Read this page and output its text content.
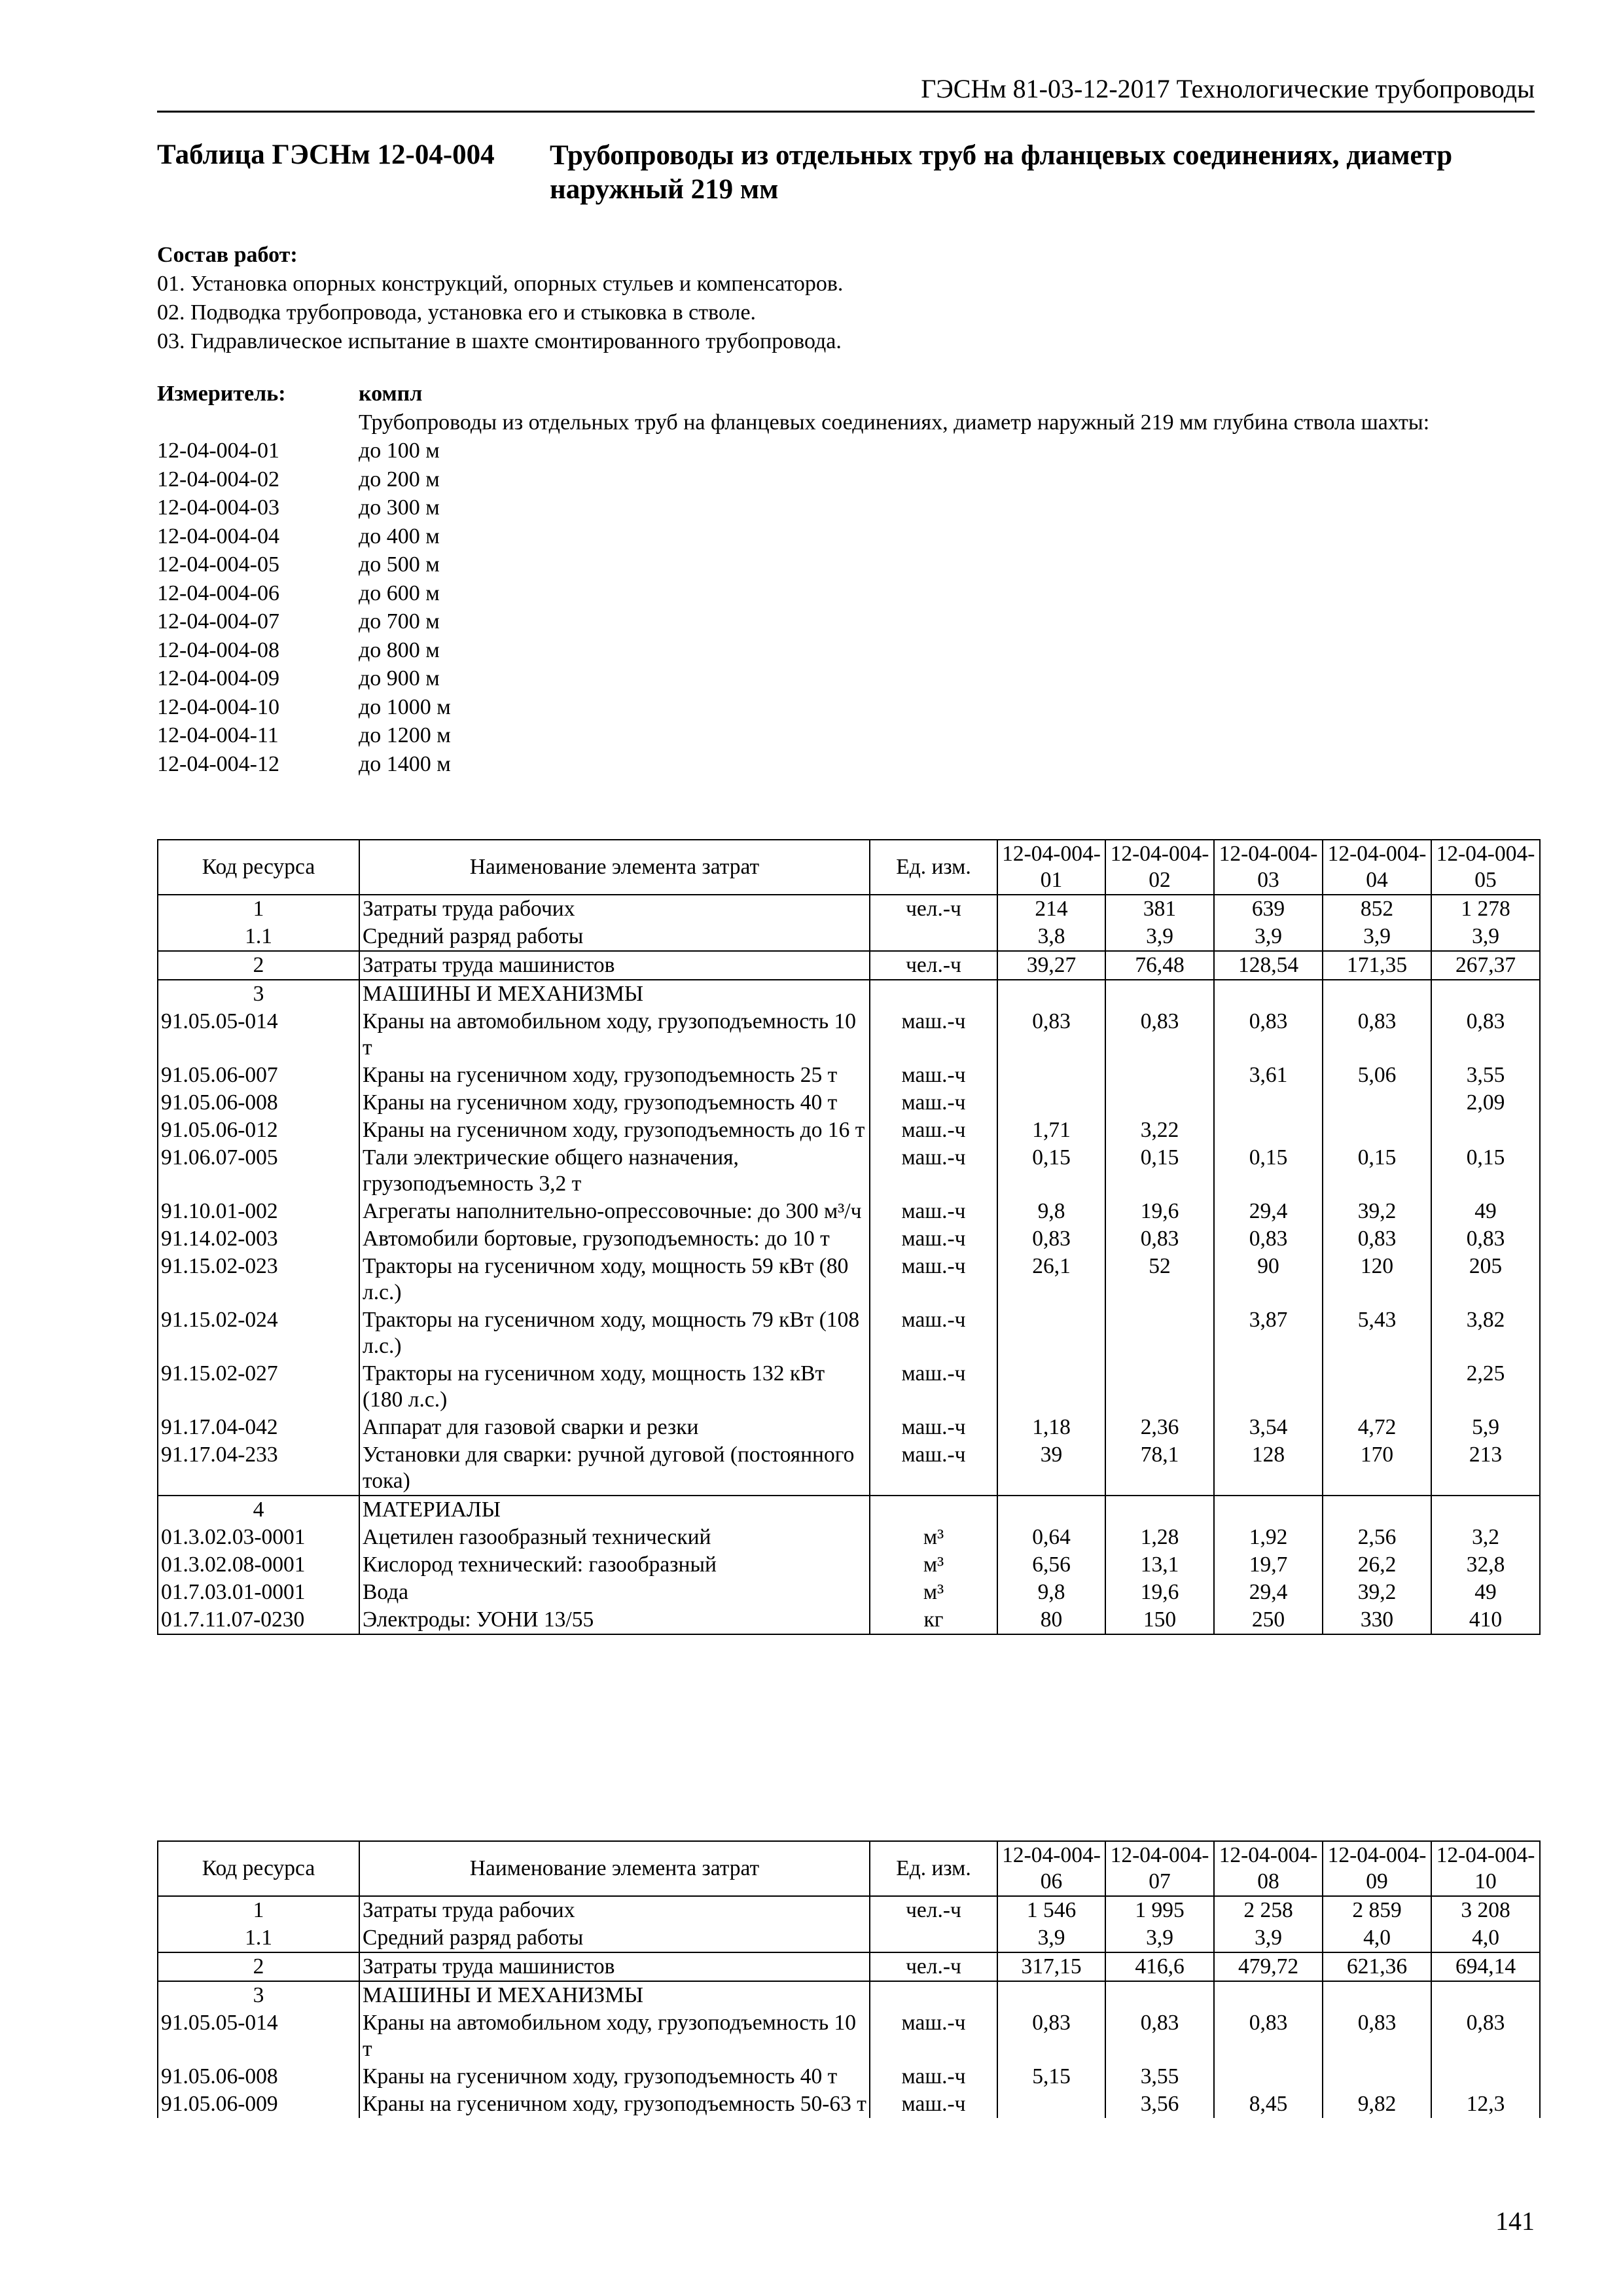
ГЭСНм 81-03-12-2017 Технологические трубопроводы
Таблица ГЭСНм 12-04-004	Трубопроводы из отдельных труб на фланцевых соединениях, диаметр наружный 219 мм
Состав работ:
01. Установка опорных конструкций, опорных стульев и компенсаторов.
02. Подводка трубопровода, установка его и стыковка в стволе.
03. Гидравлическое испытание в шахте смонтированного трубопровода.
Измеритель:	компл
Трубопроводы из отдельных труб на фланцевых соединениях, диаметр наружный 219 мм глубина ствола шахты:
12-04-004-01	до 100 м
12-04-004-02	до 200 м
12-04-004-03	до 300 м
12-04-004-04	до 400 м
12-04-004-05	до 500 м
12-04-004-06	до 600 м
12-04-004-07	до 700 м
12-04-004-08	до 800 м
12-04-004-09	до 900 м
12-04-004-10	до 1000 м
12-04-004-11	до 1200 м
12-04-004-12	до 1400 м
Код ресурса	Наименование элемента затрат	Ед. изм.	12-04-004-01	12-04-004-02	12-04-004-03	12-04-004-04	12-04-004-05
1	Затраты труда рабочих	чел.-ч	214	381	639	852	1 278
1.1	Средний разряд работы		3,8	3,9	3,9	3,9	3,9
2	Затраты труда машинистов	чел.-ч	39,27	76,48	128,54	171,35	267,37
3	МАШИНЫ И МЕХАНИЗМЫ						
91.05.05-014	Краны на автомобильном ходу, грузоподъемность 10 т	маш.-ч	0,83	0,83	0,83	0,83	0,83
91.05.06-007	Краны на гусеничном ходу, грузоподъемность 25 т	маш.-ч			3,61	5,06	3,55
91.05.06-008	Краны на гусеничном ходу, грузоподъемность 40 т	маш.-ч					2,09
91.05.06-012	Краны на гусеничном ходу, грузоподъемность до 16 т	маш.-ч	1,71	3,22			
91.06.07-005	Тали электрические общего назначения, грузоподъемность 3,2 т	маш.-ч	0,15	0,15	0,15	0,15	0,15
91.10.01-002	Агрегаты наполнительно-опрессовочные: до 300 м³/ч	маш.-ч	9,8	19,6	29,4	39,2	49
91.14.02-003	Автомобили бортовые, грузоподъемность: до 10 т	маш.-ч	0,83	0,83	0,83	0,83	0,83
91.15.02-023	Тракторы на гусеничном ходу, мощность 59 кВт (80 л.с.)	маш.-ч	26,1	52	90	120	205
91.15.02-024	Тракторы на гусеничном ходу, мощность 79 кВт (108 л.с.)	маш.-ч			3,87	5,43	3,82
91.15.02-027	Тракторы на гусеничном ходу, мощность 132 кВт (180 л.с.)	маш.-ч					2,25
91.17.04-042	Аппарат для газовой сварки и резки	маш.-ч	1,18	2,36	3,54	4,72	5,9
91.17.04-233	Установки для сварки: ручной дуговой (постоянного тока)	маш.-ч	39	78,1	128	170	213
4	МАТЕРИАЛЫ						
01.3.02.03-0001	Ацетилен газообразный технический	м³	0,64	1,28	1,92	2,56	3,2
01.3.02.08-0001	Кислород технический: газообразный	м³	6,56	13,1	19,7	26,2	32,8
01.7.03.01-0001	Вода	м³	9,8	19,6	29,4	39,2	49
01.7.11.07-0230	Электроды: УОНИ 13/55	кг	80	150	250	330	410
Код ресурса	Наименование элемента затрат	Ед. изм.	12-04-004-06	12-04-004-07	12-04-004-08	12-04-004-09	12-04-004-10
1	Затраты труда рабочих	чел.-ч	1 546	1 995	2 258	2 859	3 208
1.1	Средний разряд работы		3,9	3,9	3,9	4,0	4,0
2	Затраты труда машинистов	чел.-ч	317,15	416,6	479,72	621,36	694,14
3	МАШИНЫ И МЕХАНИЗМЫ						
91.05.05-014	Краны на автомобильном ходу, грузоподъемность 10 т	маш.-ч	0,83	0,83	0,83	0,83	0,83
91.05.06-008	Краны на гусеничном ходу, грузоподъемность 40 т	маш.-ч	5,15	3,55			
91.05.06-009	Краны на гусеничном ходу, грузоподъемность 50-63 т	маш.-ч		3,56	8,45	9,82	12,3
141
